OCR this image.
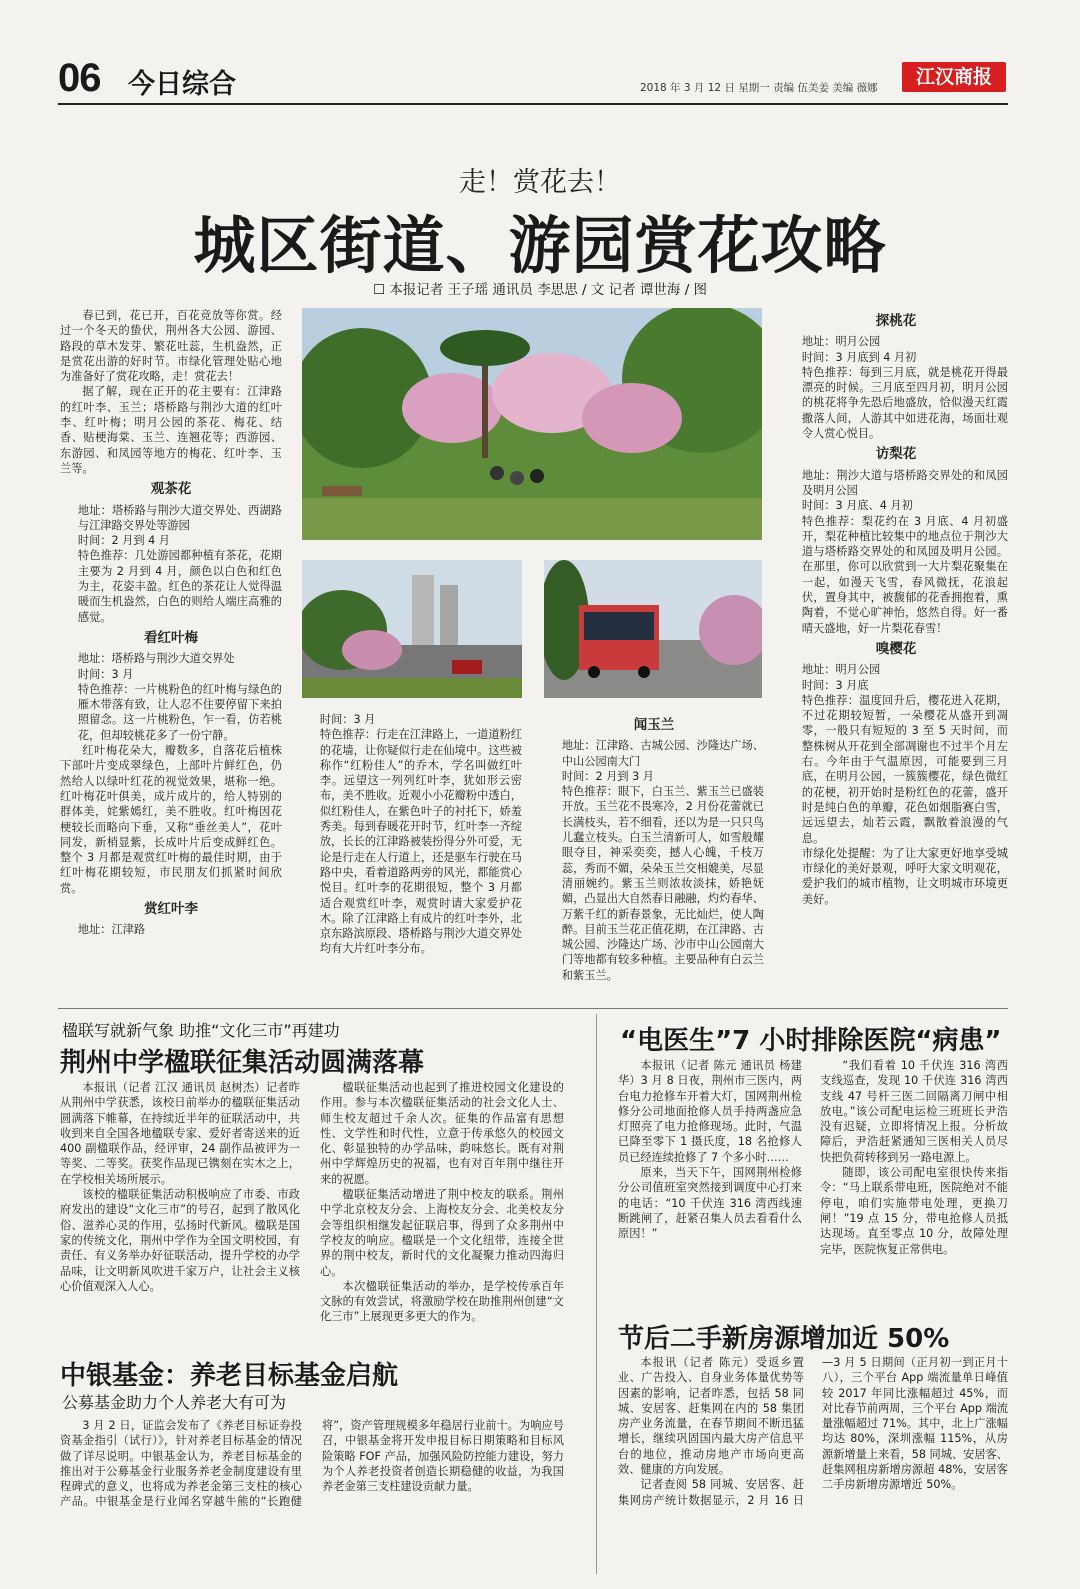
06 今日综合	2018 年 3 月 12 日 星期一 责编 伍美姜 美编 薇娜	江汉商报
走！赏花去！
城区街道、游园赏花攻略
☐ 本报记者 王子瑶 通讯员 李思思 / 文 记者 谭世海 / 图

春已到，花已开，百花竞放等你赏。经过一个冬天的蛰伏，荆州各大公园、游园、路段的草木发芽、繁花吐蕊，生机盎然，正是赏花出游的好时节。市绿化管理处贴心地为准备好了赏花攻略，走！赏花去！

据了解，现在正开的花主要有：江津路的红叶李、玉兰；塔桥路与荆沙大道的红叶李、红叶梅；明月公园的茶花、梅花、结香、贴梗海棠、玉兰、连翘花等；西游园、东游园、和凤园等地方的梅花、红叶李、玉兰等。

观茶花

地址：塔桥路与荆沙大道交界处、西湖路与江津路交界处等游园

时间：2 月到 4 月

特色推荐：几处游园都种植有茶花，花期主要为 2 月到 4 月，颜色以白色和红色为主，花姿丰盈。红色的茶花让人觉得温暖而生机盎然，白色的则给人端庄高雅的感觉。

看红叶梅

地址：塔桥路与荆沙大道交界处

时间：3 月

特色推荐：一片桃粉色的红叶梅与绿色的雁木带落有致，让人忍不住要停留下来拍照留念。这一片桃粉色，乍一看，仿若桃花，但却较桃花多了一份宁静。

红叶梅花朵大，瓣数多，自落花后植株下部叶片变成翠绿色，上部叶片鲜红色，仍然给人以绿叶红花的视觉效果，堪称一绝。红叶梅花叶俱美，成片成片的，给人特别的群体美，姹紫嫣红，美不胜收。红叶梅因花梗较长而略向下垂，又称“垂丝美人”，花叶同发，新梢显紫，长成叶片后变成鲜红色。整个 3 月都是观赏红叶梅的最佳时期，由于红叶梅花期较短，市民朋友们抓紧时间欣赏。

赏红叶李

地址：江津路

时间：3 月

特色推荐：行走在江津路上，一道道粉红的花墙，让你疑似行走在仙境中。这些被称作“红粉佳人”的乔木，学名叫做红叶李。远望这一列列红叶李，犹如形云密布，美不胜收。近观小小花瓣粉中透白，似红粉佳人，在紫色叶子的衬托下，娇羞秀美。每到春暖花开时节，红叶李一齐绽放，长长的江津路被装扮得分外可爱，无论是行走在人行道上，还是驱车行驶在马路中央，看着道路两旁的风光，都能赏心悦目。红叶李的花期很短，整个 3 月都适合观赏红叶李，观赏时请大家爱护花木。除了江津路上有成片的红叶李外，北京东路滨原段、塔桥路与荆沙大道交界处均有大片红叶李分布。

闻玉兰

地址：江津路、古城公园、沙隆达广场、中山公园南大门

时间：2 月到 3 月

特色推荐：眼下，白玉兰、紫玉兰已盛装开放。玉兰花不畏寒冷，2 月份花蕾就已长满枝头，若不细看，还以为是一只只鸟儿蠢立枝头。白玉兰清新可人，如雪般耀眼夺目，神采奕奕，撼人心魄，千枝万蕊，秀而不媚，朵朵玉兰交相媲美，尽显清丽婉约。紫玉兰则浓妆淡抹，娇艳妩媚，凸显出大自然春日融融，灼灼春华、万紫千红的新春景象，无比灿烂，使人陶醉。目前玉兰花正值花期，在江津路、古城公园、沙隆达广场、沙市中山公园南大门等地都有较多种植。主要品种有白云兰和紫玉兰。

探桃花

地址：明月公园

时间：3 月底到 4 月初

特色推荐：每到三月底，就是桃花开得最漂亮的时候。三月底至四月初，明月公园的桃花将争先恐后地盛放，恰似漫天红霞撒落人间，人游其中如进花海，场面壮观令人赏心悦目。

访梨花

地址：荆沙大道与塔桥路交界处的和凤园及明月公园

时间：3 月底、4 月初

特色推荐：梨花约在 3 月底、4 月初盛开，梨花种植比较集中的地点位于荆沙大道与塔桥路交界处的和凤园及明月公园。在那里，你可以欣赏到一大片梨花聚集在一起，如漫天飞雪，春风微抚，花浪起伏，置身其中，被馥郁的花香拥抱着，熏陶着，不觉心旷神怡，悠然自得。好一番晴天盛地，好一片梨花春雪！

嗅樱花

地址：明月公园

时间：3 月底

特色推荐：温度回升后，樱花进入花期，不过花期较短暂，一朵樱花从盛开到凋零，一般只有短短的 3 至 5 天时间，而整株树从开花到全部凋谢也不过半个月左右。今年由于气温原因，可能要到三月底，在明月公园，一簇簇樱花，绿色微红的花梗，初开始时是粉红色的花蕾，盛开时是纯白色的单瓣，花色如烟脂赛白雪，远远望去，灿若云霞，飘散着浪漫的气息。

市绿化处提醒：为了让大家更好地享受城市绿化的美好景观，呼吁大家文明观花，爱护我们的城市植物，让文明城市环境更美好。

楹联写就新气象 助推“文化三市”再建功
荆州中学楹联征集活动圆满落幕

本报讯（记者 江汉 通讯员 赵树杰）记者昨从荆州中学获悉，该校日前举办的楹联征集活动圆满落下帷幕，在持续近半年的征联活动中，共收到来自全国各地楹联专家、爱好者寄送来的近 400 副楹联作品，经评审，24 副作品被评为一等奖、二等奖。获奖作品现已镌刻在实木之上，在学校相关场所展示。

该校的楹联征集活动积极响应了市委、市政府发出的建设“文化三市”的号召，起到了散风化俗、滋养心灵的作用，弘扬时代新风。楹联是国家的传统文化，荆州中学作为全国文明校园，有责任、有义务举办好征联活动，提升学校的办学品味，让文明新风吹进千家万户，让社会主义核心价值观深入人心。

楹联征集活动也起到了推进校园文化建设的作用。参与本次楹联征集活动的社会文化人士、师生校友超过千余人次。征集的作品富有思想性、文学性和时代性，立意于传承悠久的校园文化、彰显独特的办学品味，韵味悠长。既有对荆州中学辉煌历史的祝福，也有对百年荆中继往开来的祝愿。

楹联征集活动增进了荆中校友的联系。荆州中学北京校友分会、上海校友分会、北美校友分会等组织相继发起征联启事，得到了众多荆州中学校友的响应。楹联是一个文化纽带，连接全世界的荆中校友，新时代的文化凝聚力推动四海归心。

本次楹联征集活动的举办，是学校传承百年文脉的有效尝试，将激励学校在助推荆州创建“文化三市”上展现更多更大的作为。

“电医生”7 小时排除医院“病患”

本报讯（记者 陈元 通讯员 杨建华）3 月 8 日夜，荆州市三医内，两台电力抢修车开着大灯，国网荆州检修分公司地面抢修人员手持两盏应急灯照亮了电力抢修现场。此时，气温已降至零下 1 摄氏度，18 名抢修人员已经连续抢修了 7 个多小时……

原来，当天下午，国网荆州检修分公司值班室突然接到调度中心打来的电话：“10 千伏连 316 湾西线速断跳闸了，赶紧召集人员去看看什么原因！”

“我们看着 10 千伏连 316 湾西支线巡查，发现 10 千伏连 316 湾西支线 47 号杆三医二回隔离刀闸中相放电。”该公司配电运检三班班长尹浩没有迟疑，立即将情况上报。分析故障后，尹浩赶紧通知三医相关人员尽快把负荷转移到另一路电源上。

随即，该公司配电室很快传来指令：“马上联系带电班，医院绝对不能停电，咱们实施带电处理，更换刀闸！”19 点 15 分，带电抢修人员抵达现场。直至零点 10 分，故障处理完毕，医院恢复正常供电。

中银基金：养老目标基金启航
公募基金助力个人养老大有可为

3 月 2 日，证监会发布了《养老目标证券投资基金指引（试行）》，针对养老目标基金的情况做了详尽说明。中银基金认为，养老目标基金的推出对于公募基金行业服务养老金制度建设有里程碑式的意义，也将成为养老金第三支柱的核心产品。中银基金是行业闻名穿越牛熊的“长跑健将”，资产管理规模多年稳居行业前十。为响应号召，中银基金将开发申报目标日期策略和目标风险策略 FOF 产品，加强风险防控能力建设，努力为个人养老投资者创造长期稳健的收益，为我国养老金第三支柱建设贡献力量。

节后二手新房源增加近 50%

本报讯（记者 陈元）受返乡置业、广告投入、自身业务体量优势等因素的影响，记者昨悉，包括 58 同城、安居客、赶集网在内的 58 集团房产业务流量，在春节期间不断迅猛增长，继续巩固国内最大房产信息平台的地位，推动房地产市场向更高效、健康的方向发展。

记者查阅 58 同城、安居客、赶集网房产统计数据显示，2 月 16 日—3 月 5 日期间（正月初一到正月十八），三个平台 App 端流量单日峰值较 2017 年同比涨幅超过 45%，而对比春节前两周，三个平台 App 端流量涨幅超过 71%。其中，北上广涨幅均达 80%，深圳涨幅 115%，从房源新增量上来看，58 同城、安居客、赶集网租房新增房源超 48%，安居客二手房新增房源增近 50%。
